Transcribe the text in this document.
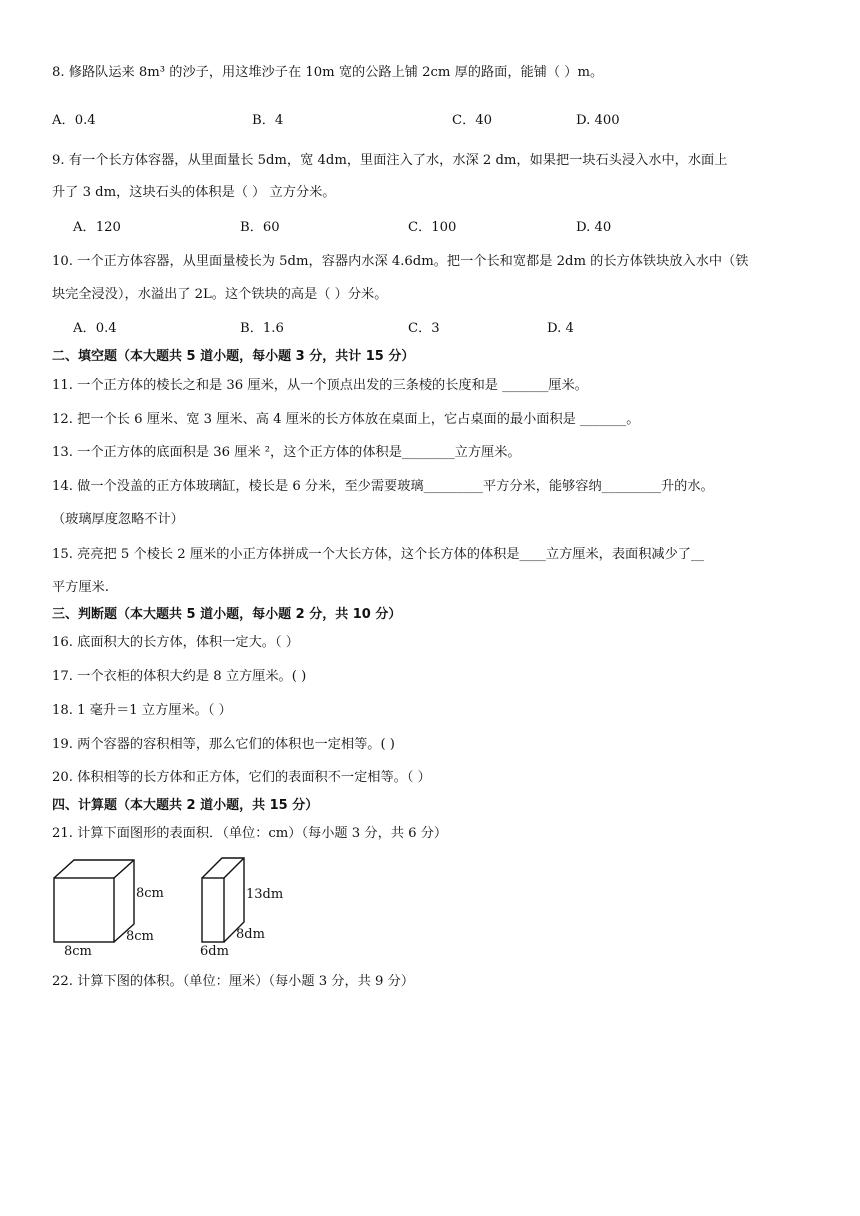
8. 修路队运来 8m³ 的沙子，用这堆沙子在 10m 宽的公路上铺 2cm 厚的路面，能铺（ ）m。
A．0.4	B．4	C．40	D. 400
9. 有一个长方体容器，从里面量长 5dm，宽 4dm，里面注入了水，水深 2 dm，如果把一块石头浸入水中，水面上
升了 3 dm，这块石头的体积是（ ） 立方分米。
A．120	B．60	C．100	D. 40
10. 一个正方体容器，从里面量棱长为 5dm，容器内水深 4.6dm。把一个长和宽都是 2dm 的长方体铁块放入水中（铁
块完全浸没），水溢出了 2L。这个铁块的高是（ ）分米。
A．0.4	B．1.6	C．3	D. 4
二、填空题（本大题共 5 道小题，每小题 3 分，共计 15 分）
11. 一个正方体的棱长之和是 36 厘米，从一个顶点出发的三条棱的长度和是 _______厘米。
12. 把一个长 6 厘米、宽 3 厘米、高 4 厘米的长方体放在桌面上，它占桌面的最小面积是 _______。
13. 一个正方体的底面积是 36 厘米 ²，这个正方体的体积是________立方厘米。
14. 做一个没盖的正方体玻璃缸，棱长是 6 分米，至少需要玻璃_________平方分米，能够容纳_________升的水。
（玻璃厚度忽略不计）
15. 亮亮把 5 个棱长 2 厘米的小正方体拼成一个大长方体，这个长方体的体积是____立方厘米，表面积减少了__
平方厘米.
三、判断题（本大题共 5 道小题，每小题 2 分，共 10 分）
16. 底面积大的长方体，体积一定大。（ ）
17. 一个衣柜的体积大约是 8 立方厘米。( )
18. 1 毫升＝1 立方厘米。（ ）
19. 两个容器的容积相等，那么它们的体积也一定相等。( )
20. 体积相等的长方体和正方体，它们的表面积不一定相等。（ ）
四、计算题（本大题共 2 道小题，共 15 分）
21. 计算下面图形的表面积．（单位：cm）（每小题 3 分，共 6 分）
8cm
8cm
8cm
13dm
8dm
6dm
22. 计算下图的体积。（单位：厘米）（每小题 3 分，共 9 分）
